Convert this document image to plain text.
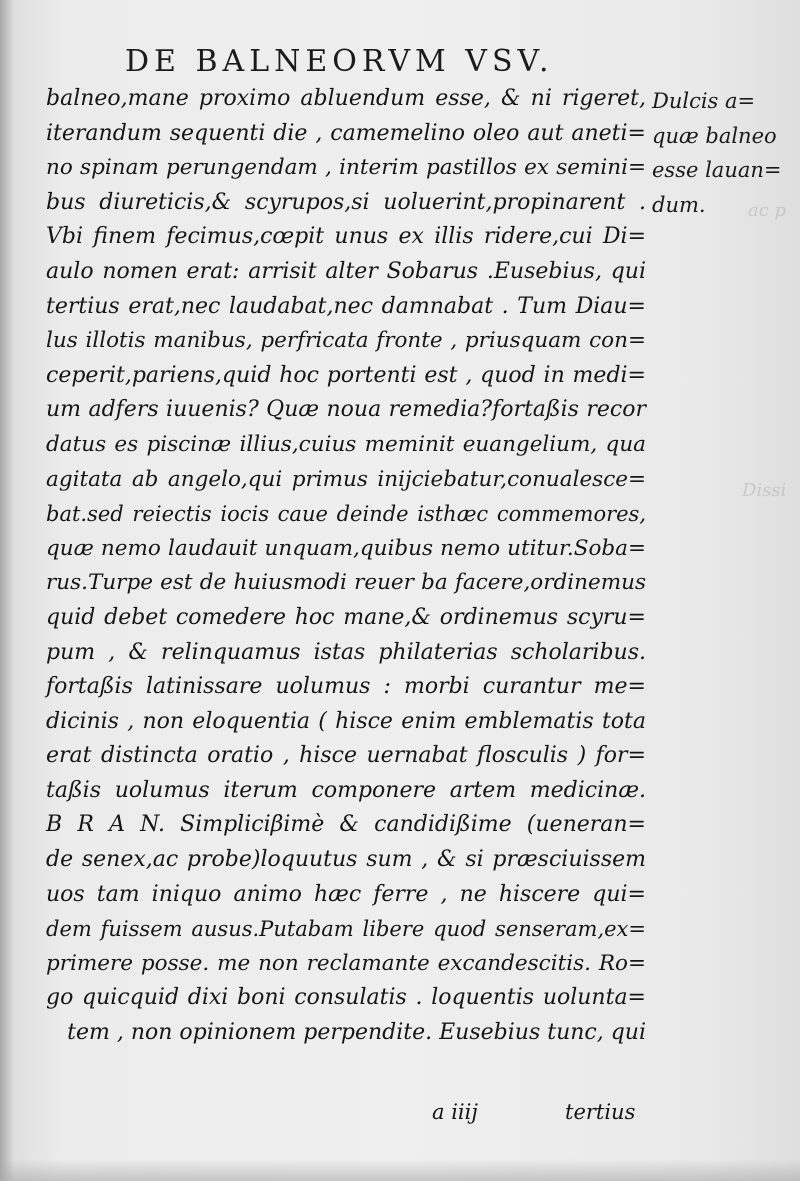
ac p
Dissi
DE BALNEORVM VSV.
balneo,mane proximo abluendum esse, & ni rigeret,
iterandum sequenti die , camemelino oleo aut aneti=
no spinam perungendam , interim pastillos ex semini=
bus diureticis,& scyrupos,si uoluerint,propinarent .
Vbi finem fecimus,cœpit unus ex illis ridere,cui Di=
aulo nomen erat: arrisit alter Sobarus .Eusebius, qui
tertius erat,nec laudabat,nec damnabat . Tum Diau=
lus illotis manibus, perfricata fronte , priusquam con=
ceperit,pariens,quid hoc portenti est , quod in medi=
um adfers iuuenis? Quæ noua remedia?fortaßis recor
datus es piscinæ illius,cuius meminit euangelium, qua
agitata ab angelo,qui primus inijciebatur,conualesce=
bat.sed reiectis iocis caue deinde isthæc commemores,
quæ nemo laudauit unquam,quibus nemo utitur.Soba=
rus.Turpe est de huiusmodi reuer ba facere,ordinemus
quid debet comedere hoc mane,& ordinemus scyru=
pum , & relinquamus istas philaterias scholaribus.
fortaßis latinissare uolumus : morbi curantur me=
dicinis , non eloquentia ( hisce enim emblematis tota
erat distincta oratio , hisce uernabat flosculis ) for=
taßis uolumus iterum componere artem medicinæ.
B R A N. Simpliciβimè & candidißime (ueneran=
de senex,ac probe)loquutus sum , & si præsciuissem
uos tam iniquo animo hæc ferre , ne hiscere qui=
dem fuissem ausus.Putabam libere quod senseram,ex=
primere posse. me non reclamante excandescitis. Ro=
go quicquid dixi boni consulatis . loquentis uolunta=
tem , non opinionem perpendite. Eusebius tunc, qui
Dulcis a=
quæ balneo
esse lauan=
dum.
a iiij	tertius
